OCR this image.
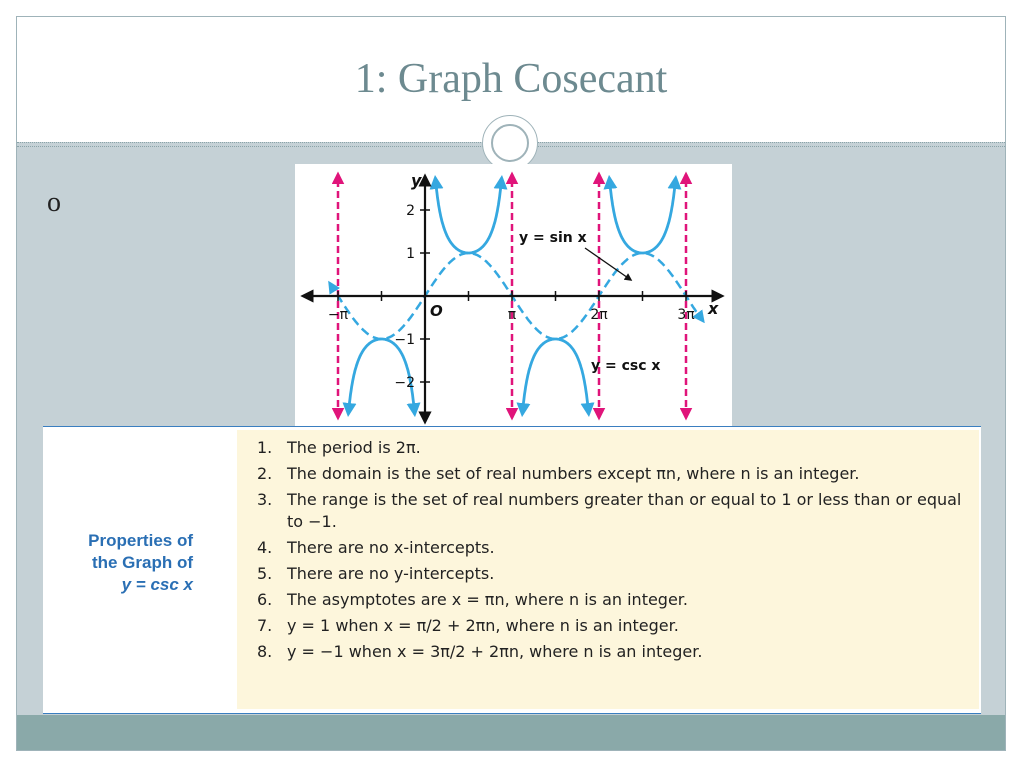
1: Graph Cosecant
o
y
x
O
2
1
−1
−2
−π	π	2π	3π
y = sin x
y = csc x
Properties of
the Graph of
y = csc x
1. The period is 2π.
2. The domain is the set of real numbers except πn, where n is an integer.
3. The range is the set of real numbers greater than or equal to 1 or less than or equal to −1.
4. There are no x-intercepts.
5. There are no y-intercepts.
6. The asymptotes are x = πn, where n is an integer.
7. y = 1 when x = π/2 + 2πn, where n is an integer.
8. y = −1 when x = 3π/2 + 2πn, where n is an integer.
